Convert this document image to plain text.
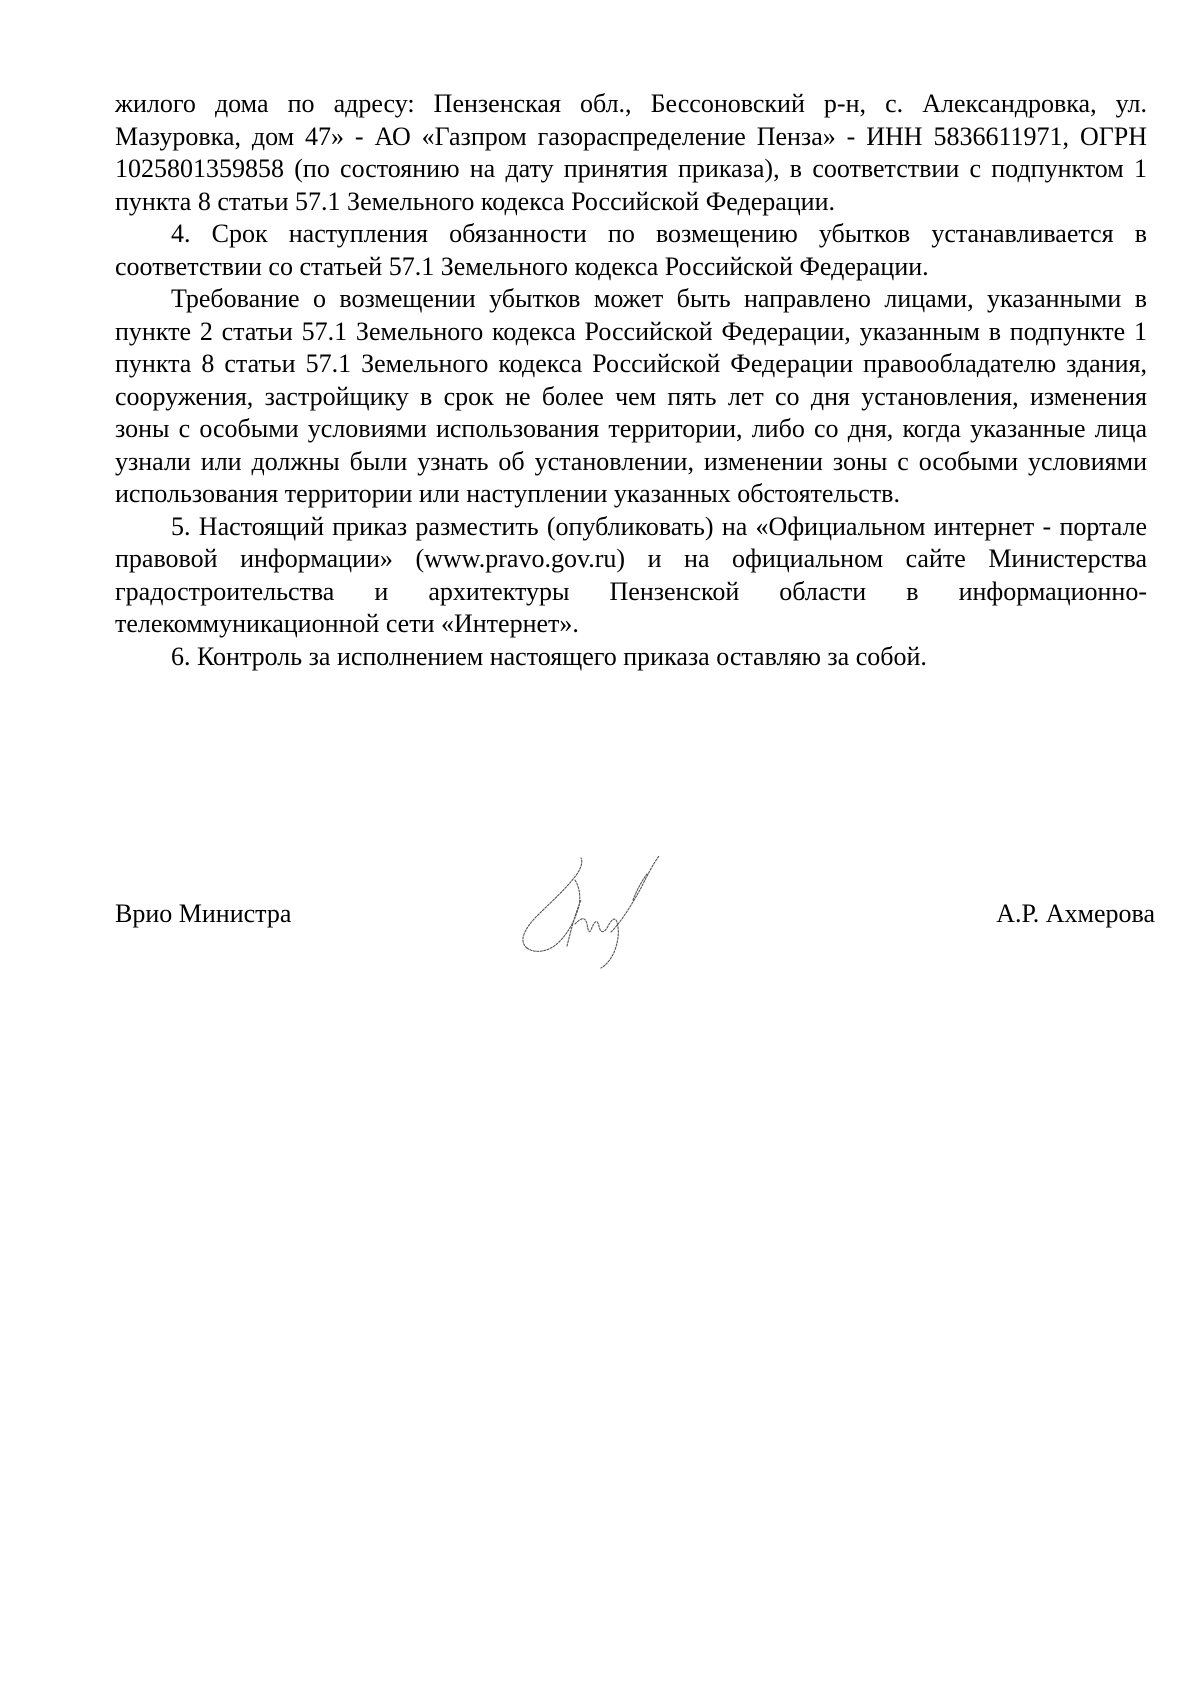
жилого дома по адресу: Пензенская обл., Бессоновский р-н, с. Александровка, ул. Мазуровка, дом 47» - АО «Газпром газораспределение Пенза» - ИНН 5836611971, ОГРН 1025801359858 (по состоянию на дату принятия приказа), в соответствии с подпунктом 1 пункта 8 статьи 57.1 Земельного кодекса Российской Федерации.

4. Срок наступления обязанности по возмещению убытков устанавливается в соответствии со статьей 57.1 Земельного кодекса Российской Федерации.

Требование о возмещении убытков может быть направлено лицами, указанными в пункте 2 статьи 57.1 Земельного кодекса Российской Федерации, указанным в подпункте 1 пункта 8 статьи 57.1 Земельного кодекса Российской Федерации правообладателю здания, сооружения, застройщику в срок не более чем пять лет со дня установления, изменения зоны с особыми условиями использования территории, либо со дня, когда указанные лица узнали или должны были узнать об установлении, изменении зоны с особыми условиями использования территории или наступлении указанных обстоятельств.

5. Настоящий приказ разместить (опубликовать) на «Официальном интернет - портале правовой информации» (www.pravo.gov.ru) и на официальном сайте Министерства градостроительства и архитектуры Пензенской области в информационно-телекоммуникационной сети «Интернет».

6. Контроль за исполнением настоящего приказа оставляю за собой.

Врио Министра	А.Р. Ахмерова
